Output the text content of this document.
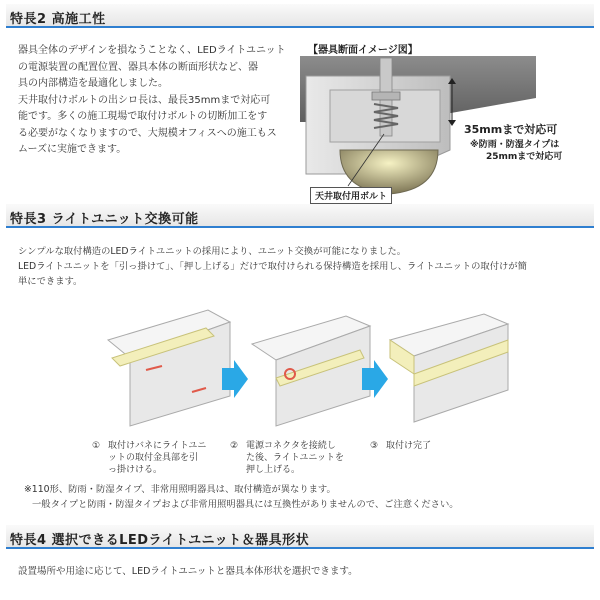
特長2 高施工性

器具全体のデザインを損なうことなく、LEDライトユニット

の電源装置の配置位置、器具本体の断面形状など、器

具の内部構造を最適化しました。

天井取付けボルトの出シロ長は、最長35mmまで対応可

能です。多くの施工現場で取付けボルトの切断加工をす

る必要がなくなりますので、大規模オフィスへの施工もス

ムーズに実施できます。

【器具断面イメージ図】
35mmまで対応可
※防雨・防湿タイプは
25mmまで対応可
天井取付用ボルト
特長3 ライトユニット交換可能

シンプルな取付構造のLEDライトユニットの採用により、ユニット交換が可能になりました。

LEDライトユニットを「引っ掛けて」、「押し上げる」だけで取付けられる保持構造を採用し、ライトユニットの取付けが簡

単にできます。

① 取付けバネにライトユニ
ットの取付金具部を引
っ掛けける。
② 電源コネクタを接続し
た後、ライトユニットを
押し上げる。
③ 取付け完了

※110形、防雨・防湿タイプ、非常用照明器具は、取付構造が異なります。

一般タイプと防雨・防湿タイプおよび非常用照明器具には互換性がありませんので、ご注意ください。

特長4 選択できるLEDライトユニット＆器具形状

設置場所や用途に応じて、LEDライトユニットと器具本体形状を選択できます。
